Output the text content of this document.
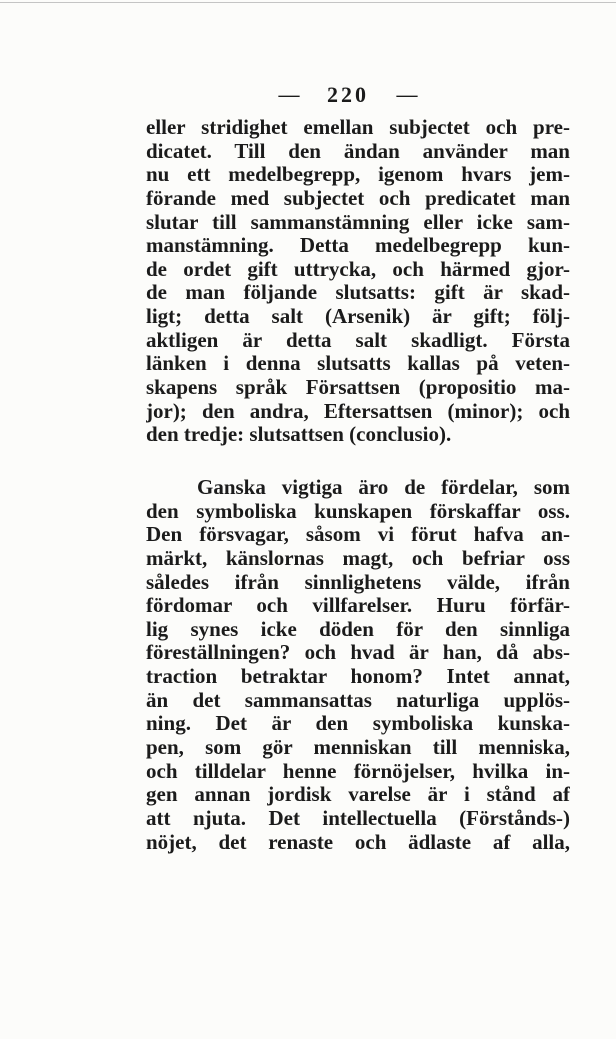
— 220 —
eller stridighet emellan subjectet och pre-
dicatet. Till den ändan använder man
nu ett medelbegrepp, igenom hvars jem-
förande med subjectet och predicatet man
slutar till sammanstämning eller icke sam-
manstämning. Detta medelbegrepp kun-
de ordet gift uttrycka, och härmed gjor-
de man följande slutsatts: gift är skad-
ligt; detta salt (Arsenik) är gift; följ-
aktligen är detta salt skadligt. Första
länken i denna slutsatts kallas på veten-
skapens språk Försattsen (propositio ma-
jor); den andra, Eftersattsen (minor); och
den tredje: slutsattsen (conclusio).
Ganska vigtiga äro de fördelar, som
den symboliska kunskapen förskaffar oss.
Den försvagar, såsom vi förut hafva an-
märkt, känslornas magt, och befriar oss
således ifrån sinnlighetens välde, ifrån
fördomar och villfarelser. Huru förfär-
lig synes icke döden för den sinnliga
föreställningen? och hvad är han, då abs-
traction betraktar honom? Intet annat,
än det sammansattas naturliga upplös-
ning. Det är den symboliska kunska-
pen, som gör menniskan till menniska,
och tilldelar henne förnöjelser, hvilka in-
gen annan jordisk varelse är i stånd af
att njuta. Det intellectuella (Förstånds-)
nöjet, det renaste och ädlaste af alla,
